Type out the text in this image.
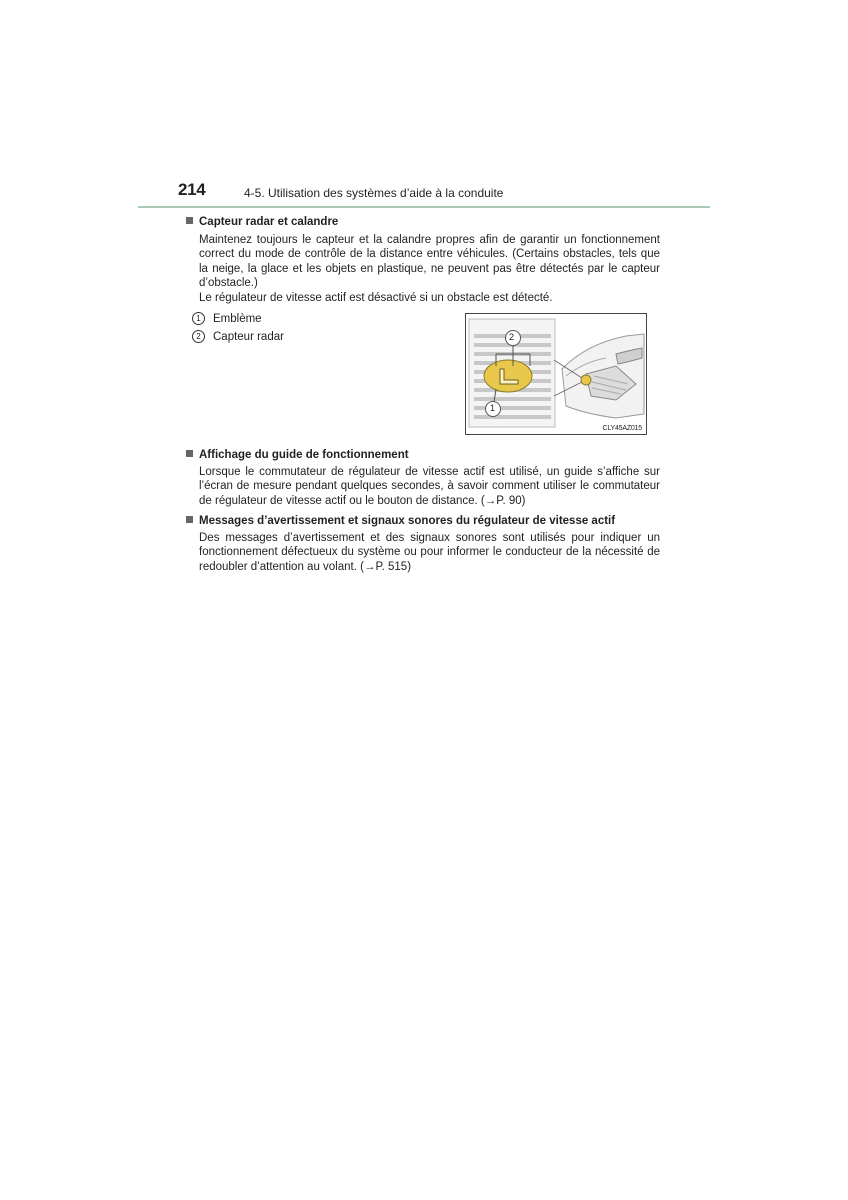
214	4-5. Utilisation des systèmes d’aide à la conduite
Capteur radar et calandre
Maintenez toujours le capteur et la calandre propres afin de garantir un fonctionnement correct du mode de contrôle de la distance entre véhicules. (Certains obstacles, tels que la neige, la glace et les objets en plastique, ne peuvent pas être détectés par le capteur d’obstacle.)
Le régulateur de vitesse actif est désactivé si un obstacle est détecté.
1	Emblème
2	Capteur radar	2
1
CLY45AZ015
Affichage du guide de fonctionnement
Lorsque le commutateur de régulateur de vitesse actif est utilisé, un guide s’affiche sur l’écran de mesure pendant quelques secondes, à savoir comment utiliser le commutateur de régulateur de vitesse actif ou le bouton de distance. (→P. 90)
Messages d’avertissement et signaux sonores du régulateur de vitesse actif
Des messages d’avertissement et des signaux sonores sont utilisés pour indiquer un fonctionnement défectueux du système ou pour informer le conducteur de la nécessité de redoubler d’attention au volant. (→P. 515)
